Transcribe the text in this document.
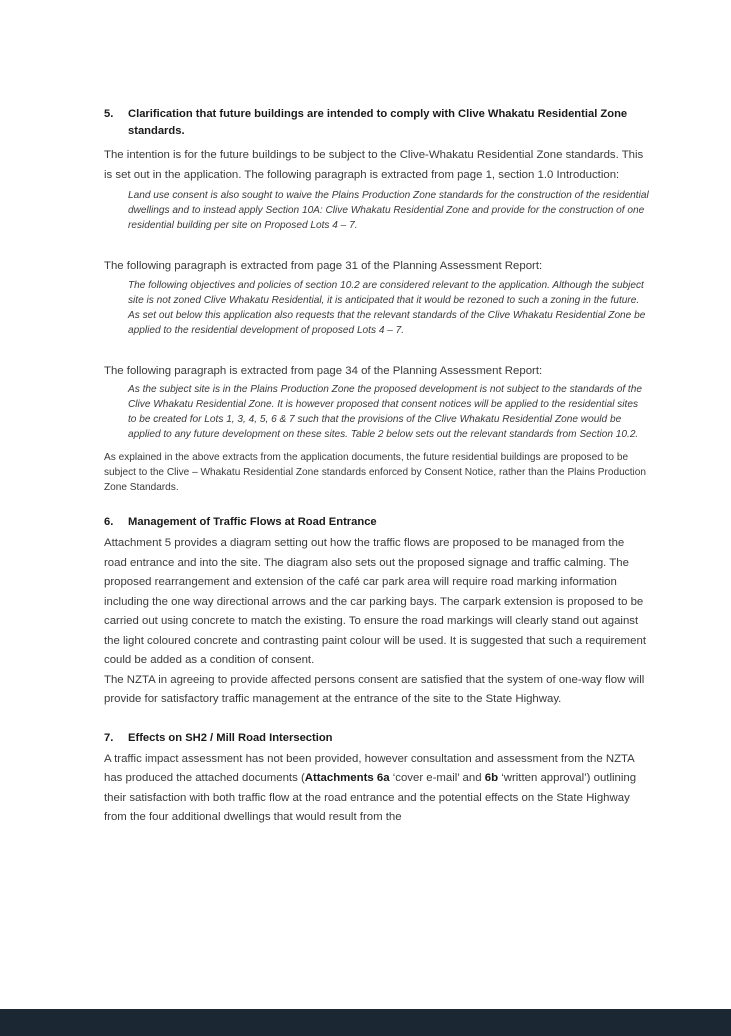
5.	Clarification that future buildings are intended to comply with Clive Whakatu Residential Zone standards.

The intention is for the future buildings to be subject to the Clive-Whakatu Residential Zone standards. This is set out in the application. The following paragraph is extracted from page 1, section 1.0 Introduction:

Land use consent is also sought to waive the Plains Production Zone standards for the construction of the residential dwellings and to instead apply Section 10A: Clive Whakatu Residential Zone and provide for the construction of one residential building per site on Proposed Lots 4 – 7.

The following paragraph is extracted from page 31 of the Planning Assessment Report:

The following objectives and policies of section 10.2 are considered relevant to the application. Although the subject site is not zoned Clive Whakatu Residential, it is anticipated that it would be rezoned to such a zoning in the future. As set out below this application also requests that the relevant standards of the Clive Whakatu Residential Zone be applied to the residential development of proposed Lots 4 – 7.

The following paragraph is extracted from page 34 of the Planning Assessment Report:

As the subject site is in the Plains Production Zone the proposed development is not subject to the standards of the Clive Whakatu Residential Zone. It is however proposed that consent notices will be applied to the residential sites to be created for Lots 1, 3, 4, 5, 6 & 7 such that the provisions of the Clive Whakatu Residential Zone would be applied to any future development on these sites. Table 2 below sets out the relevant standards from Section 10.2.

As explained in the above extracts from the application documents, the future residential buildings are proposed to be subject to the Clive – Whakatu Residential Zone standards enforced by Consent Notice, rather than the Plains Production Zone Standards.

6.	Management of Traffic Flows at Road Entrance

Attachment 5 provides a diagram setting out how the traffic flows are proposed to be managed from the road entrance and into the site. The diagram also sets out the proposed signage and traffic calming. The proposed rearrangement and extension of the café car park area will require road marking information including the one way directional arrows and the car parking bays. The carpark extension is proposed to be carried out using concrete to match the existing. To ensure the road markings will clearly stand out against the light coloured concrete and contrasting paint colour will be used. It is suggested that such a requirement could be added as a condition of consent.

The NZTA in agreeing to provide affected persons consent are satisfied that the system of one-way flow will provide for satisfactory traffic management at the entrance of the site to the State Highway.

7.	Effects on SH2 / Mill Road Intersection

A traffic impact assessment has not been provided, however consultation and assessment from the NZTA has produced the attached documents (Attachments 6a ‘cover e-mail’ and 6b ‘written approval’) outlining their satisfaction with both traffic flow at the road entrance and the potential effects on the State Highway from the four additional dwellings that would result from the
